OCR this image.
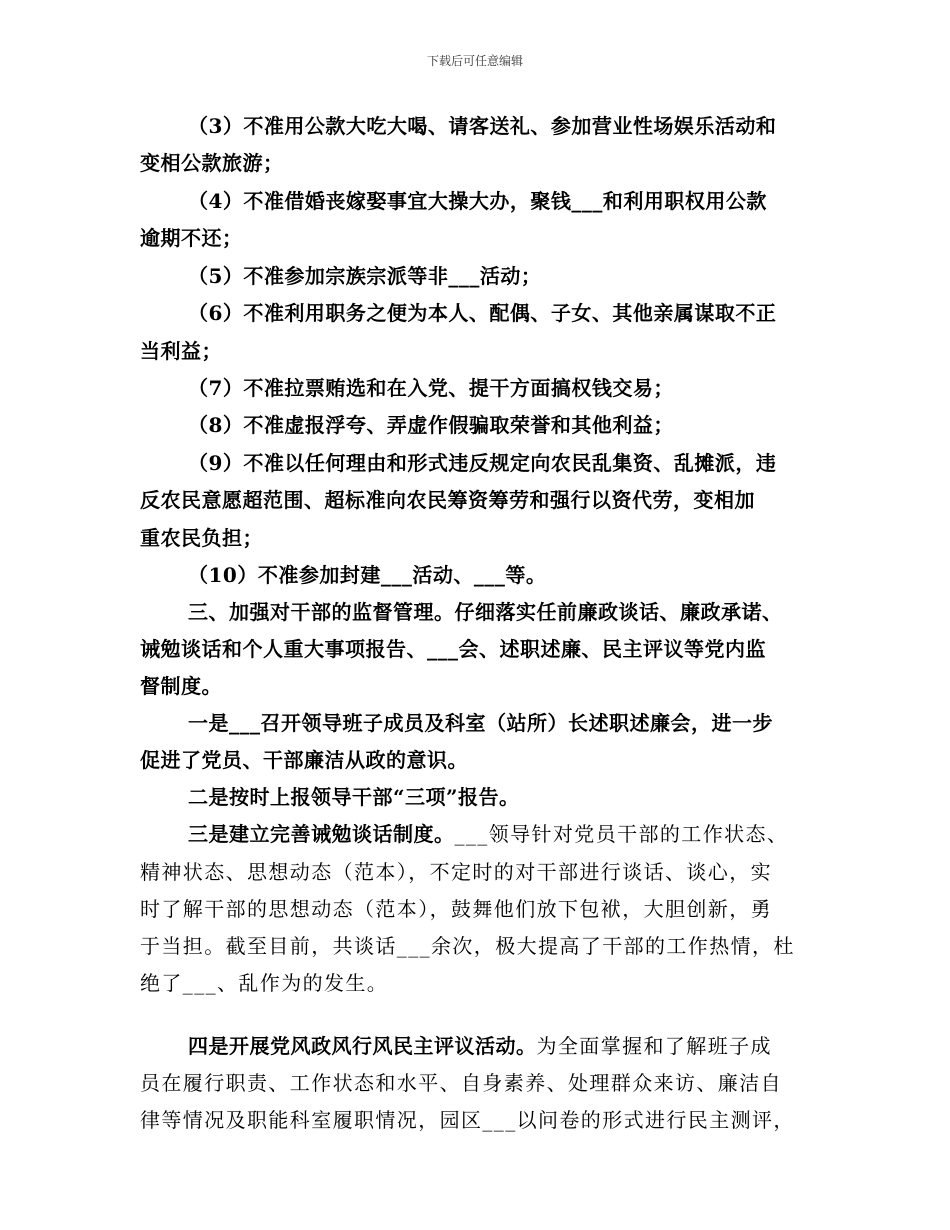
下载后可任意编辑
（3）不准用公款大吃大喝、请客送礼、参加营业性场娱乐活动和
变相公款旅游；
（4）不准借婚丧嫁娶事宜大操大办，聚钱___和利用职权用公款
逾期不还；
（5）不准参加宗族宗派等非___活动；
（6）不准利用职务之便为本人、配偶、子女、其他亲属谋取不正
当利益；
（7）不准拉票贿选和在入党、提干方面搞权钱交易；
（8）不准虚报浮夸、弄虚作假骗取荣誉和其他利益；
（9）不准以任何理由和形式违反规定向农民乱集资、乱摊派，违
反农民意愿超范围、超标准向农民筹资筹劳和强行以资代劳，变相加
重农民负担；
（10）不准参加封建___活动、___等。
三、加强对干部的监督管理。仔细落实任前廉政谈话、廉政承诺、
诫勉谈话和个人重大事项报告、___会、述职述廉、民主评议等党内监
督制度。
一是___召开领导班子成员及科室（站所）长述职述廉会，进一步
促进了党员、干部廉洁从政的意识。
二是按时上报领导干部“三项”报告。
三是建立完善诫勉谈话制度。___领导针对党员干部的工作状态、
精神状态、思想动态（范本），不定时的对干部进行谈话、谈心，实
时了解干部的思想动态（范本），鼓舞他们放下包袱，大胆创新，勇
于当担。截至目前，共谈话___余次，极大提高了干部的工作热情，杜
绝了___、乱作为的发生。
四是开展党风政风行风民主评议活动。为全面掌握和了解班子成
员在履行职责、工作状态和水平、自身素养、处理群众来访、廉洁自
律等情况及职能科室履职情况，园区___以问卷的形式进行民主测评，
